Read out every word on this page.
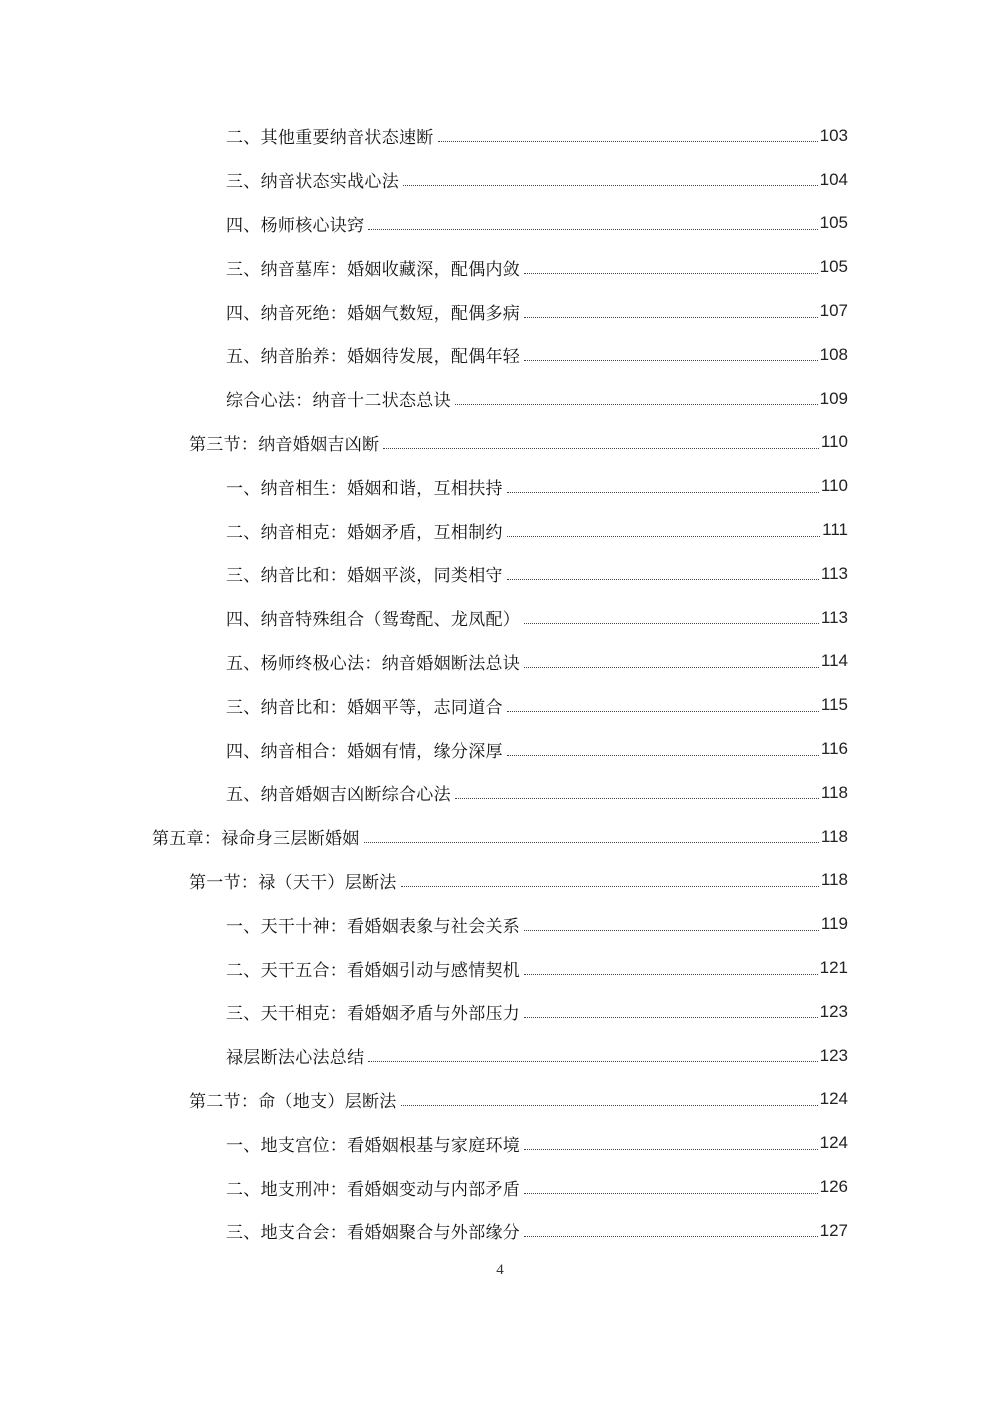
二、其他重要纳音状态速断	103
三、纳音状态实战心法	104
四、杨师核心诀窍	105
三、纳音墓库：婚姻收藏深，配偶内敛	105
四、纳音死绝：婚姻气数短，配偶多病	107
五、纳音胎养：婚姻待发展，配偶年轻	108
综合心法：纳音十二状态总诀	109
第三节：纳音婚姻吉凶断	110
一、纳音相生：婚姻和谐，互相扶持	110
二、纳音相克：婚姻矛盾，互相制约	111
三、纳音比和：婚姻平淡，同类相守	113
四、纳音特殊组合（鸳鸯配、龙凤配）	113
五、杨师终极心法：纳音婚姻断法总诀	114
三、纳音比和：婚姻平等，志同道合	115
四、纳音相合：婚姻有情，缘分深厚	116
五、纳音婚姻吉凶断综合心法	118
第五章：禄命身三层断婚姻	118
第一节：禄（天干）层断法	118
一、天干十神：看婚姻表象与社会关系	119
二、天干五合：看婚姻引动与感情契机	121
三、天干相克：看婚姻矛盾与外部压力	123
禄层断法心法总结	123
第二节：命（地支）层断法	124
一、地支宫位：看婚姻根基与家庭环境	124
二、地支刑冲：看婚姻变动与内部矛盾	126
三、地支合会：看婚姻聚合与外部缘分	127
4
